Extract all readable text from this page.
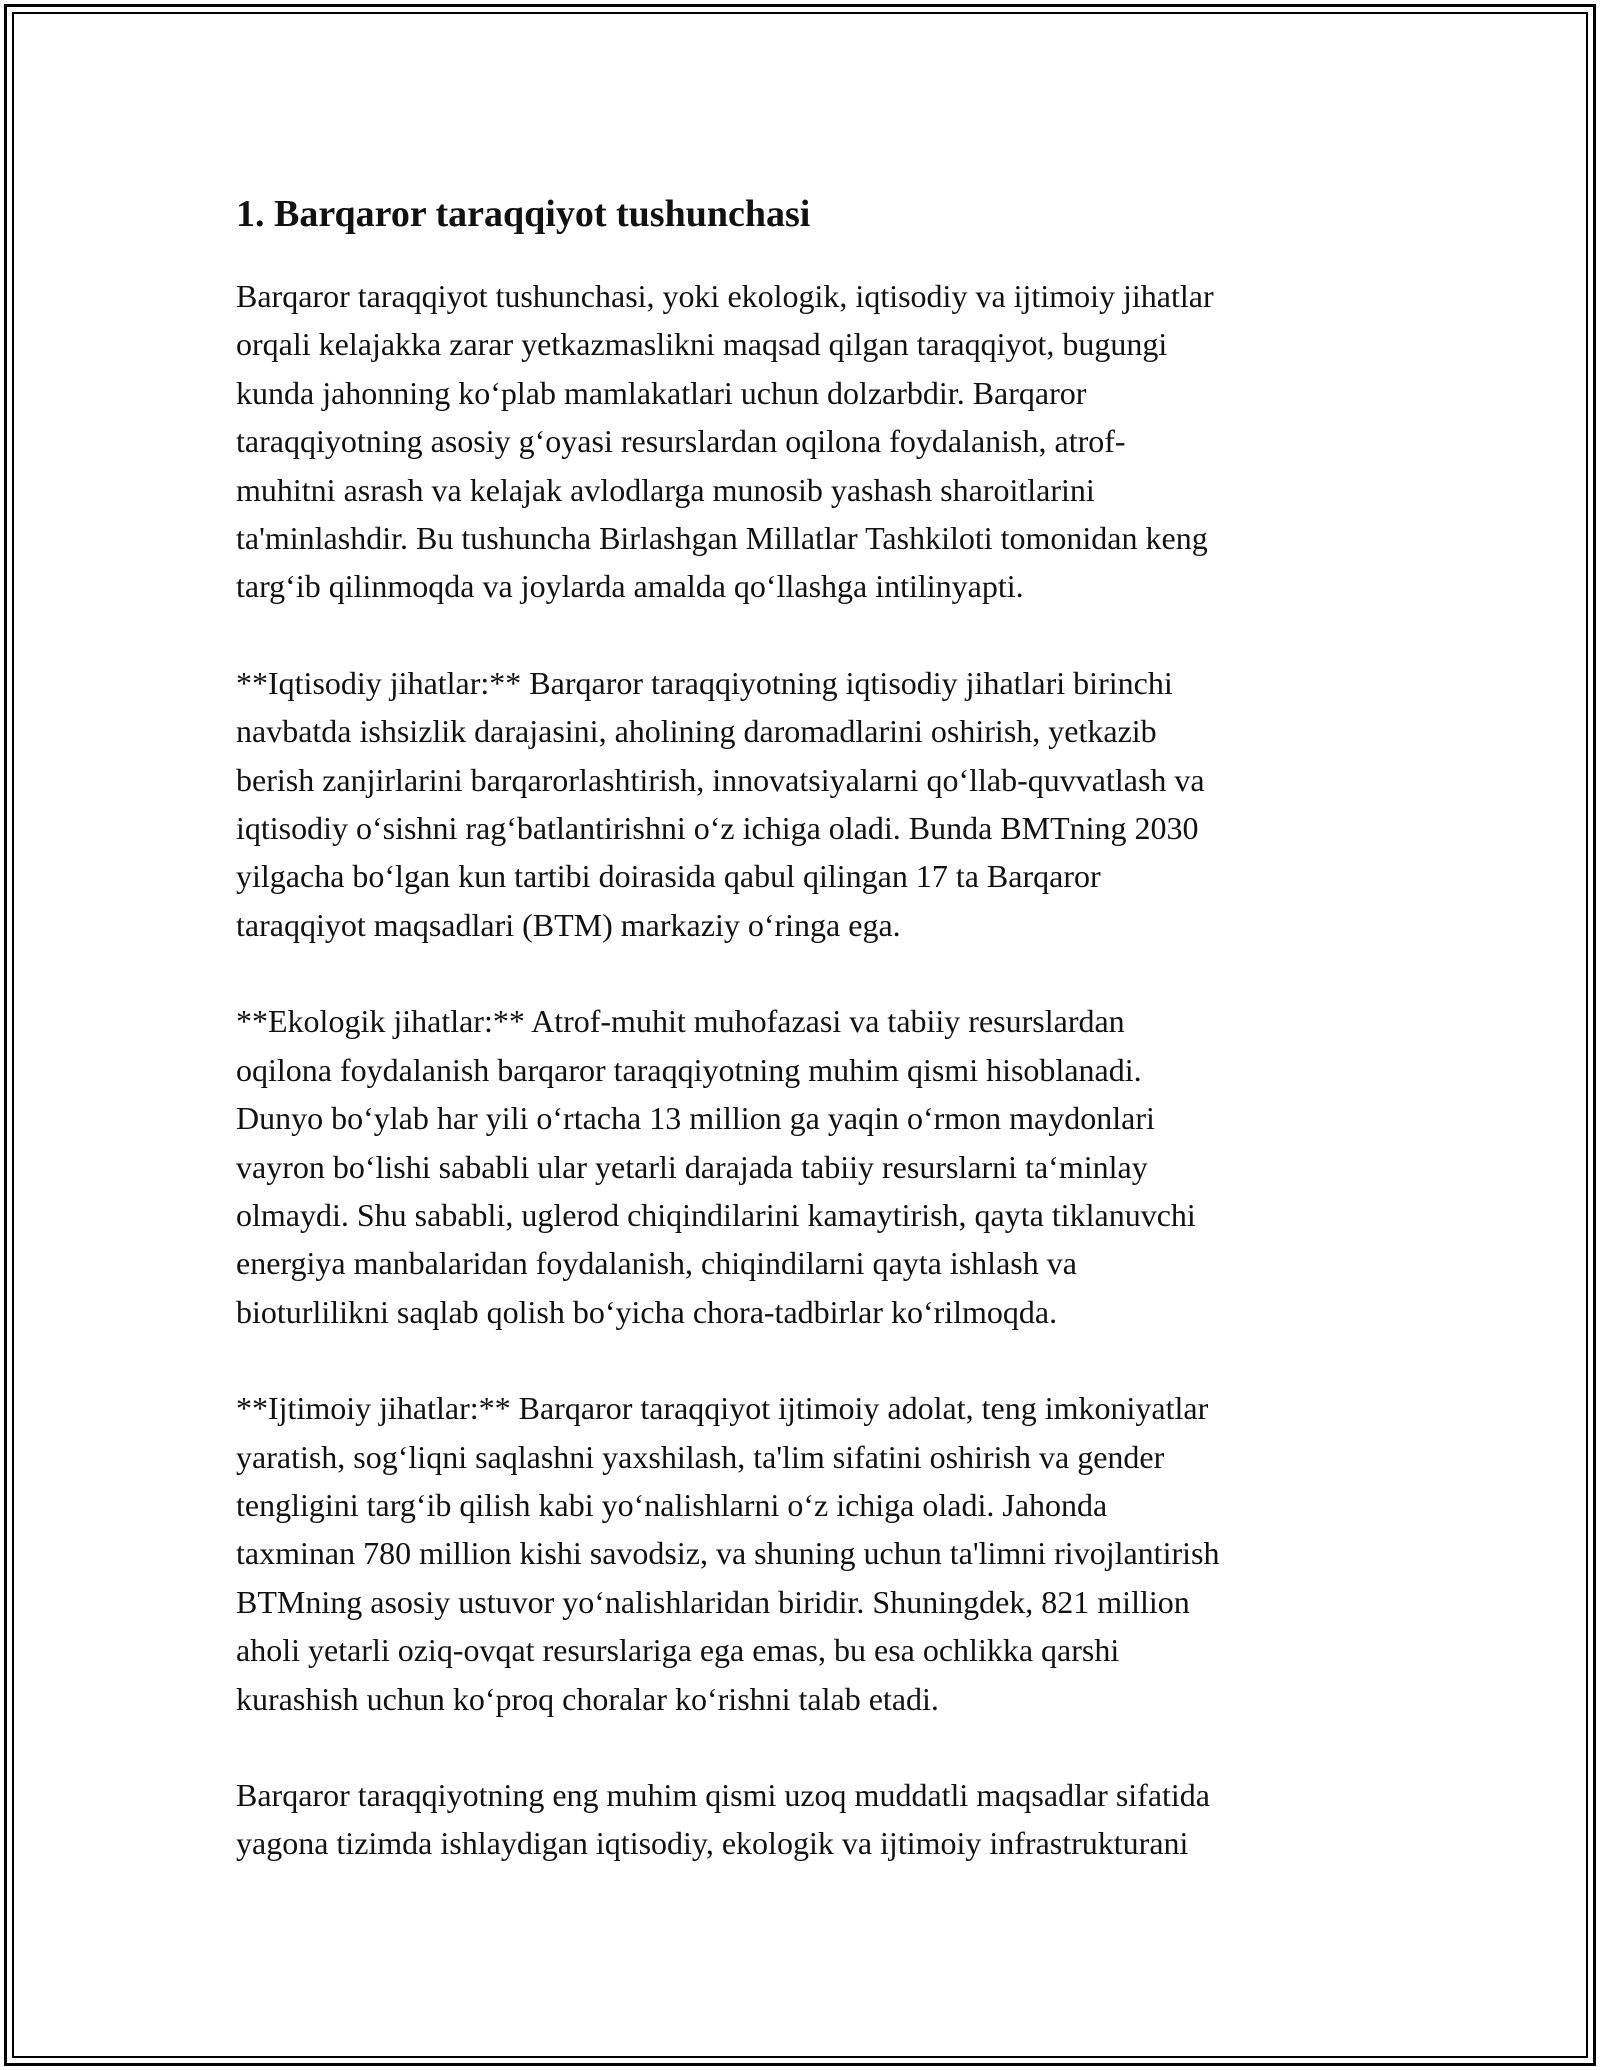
1. Barqaror taraqqiyot tushunchasi

Barqaror taraqqiyot tushunchasi, yoki ekologik, iqtisodiy va ijtimoiy jihatlar
orqali kelajakka zarar yetkazmaslikni maqsad qilgan taraqqiyot, bugungi
kunda jahonning ko‘plab mamlakatlari uchun dolzarbdir. Barqaror
taraqqiyotning asosiy g‘oyasi resurslardan oqilona foydalanish, atrof-
muhitni asrash va kelajak avlodlarga munosib yashash sharoitlarini
ta'minlashdir. Bu tushuncha Birlashgan Millatlar Tashkiloti tomonidan keng
targ‘ib qilinmoqda va joylarda amalda qo‘llashga intilinyapti.

**Iqtisodiy jihatlar:** Barqaror taraqqiyotning iqtisodiy jihatlari birinchi
navbatda ishsizlik darajasini, aholining daromadlarini oshirish, yetkazib
berish zanjirlarini barqarorlashtirish, innovatsiyalarni qo‘llab-quvvatlash va
iqtisodiy o‘sishni rag‘batlantirishni o‘z ichiga oladi. Bunda BMTning 2030
yilgacha bo‘lgan kun tartibi doirasida qabul qilingan 17 ta Barqaror
taraqqiyot maqsadlari (BTM) markaziy o‘ringa ega.

**Ekologik jihatlar:** Atrof-muhit muhofazasi va tabiiy resurslardan
oqilona foydalanish barqaror taraqqiyotning muhim qismi hisoblanadi.
Dunyo bo‘ylab har yili o‘rtacha 13 million ga yaqin o‘rmon maydonlari
vayron bo‘lishi sababli ular yetarli darajada tabiiy resurslarni ta‘minlay
olmaydi. Shu sababli, uglerod chiqindilarini kamaytirish, qayta tiklanuvchi
energiya manbalaridan foydalanish, chiqindilarni qayta ishlash va
bioturlilikni saqlab qolish bo‘yicha chora-tadbirlar ko‘rilmoqda.

**Ijtimoiy jihatlar:** Barqaror taraqqiyot ijtimoiy adolat, teng imkoniyatlar
yaratish, sog‘liqni saqlashni yaxshilash, ta'lim sifatini oshirish va gender
tengligini targ‘ib qilish kabi yo‘nalishlarni o‘z ichiga oladi. Jahonda
taxminan 780 million kishi savodsiz, va shuning uchun ta'limni rivojlantirish
BTMning asosiy ustuvor yo‘nalishlaridan biridir. Shuningdek, 821 million
aholi yetarli oziq-ovqat resurslariga ega emas, bu esa ochlikka qarshi
kurashish uchun ko‘proq choralar ko‘rishni talab etadi.

Barqaror taraqqiyotning eng muhim qismi uzoq muddatli maqsadlar sifatida
yagona tizimda ishlaydigan iqtisodiy, ekologik va ijtimoiy infrastrukturani
